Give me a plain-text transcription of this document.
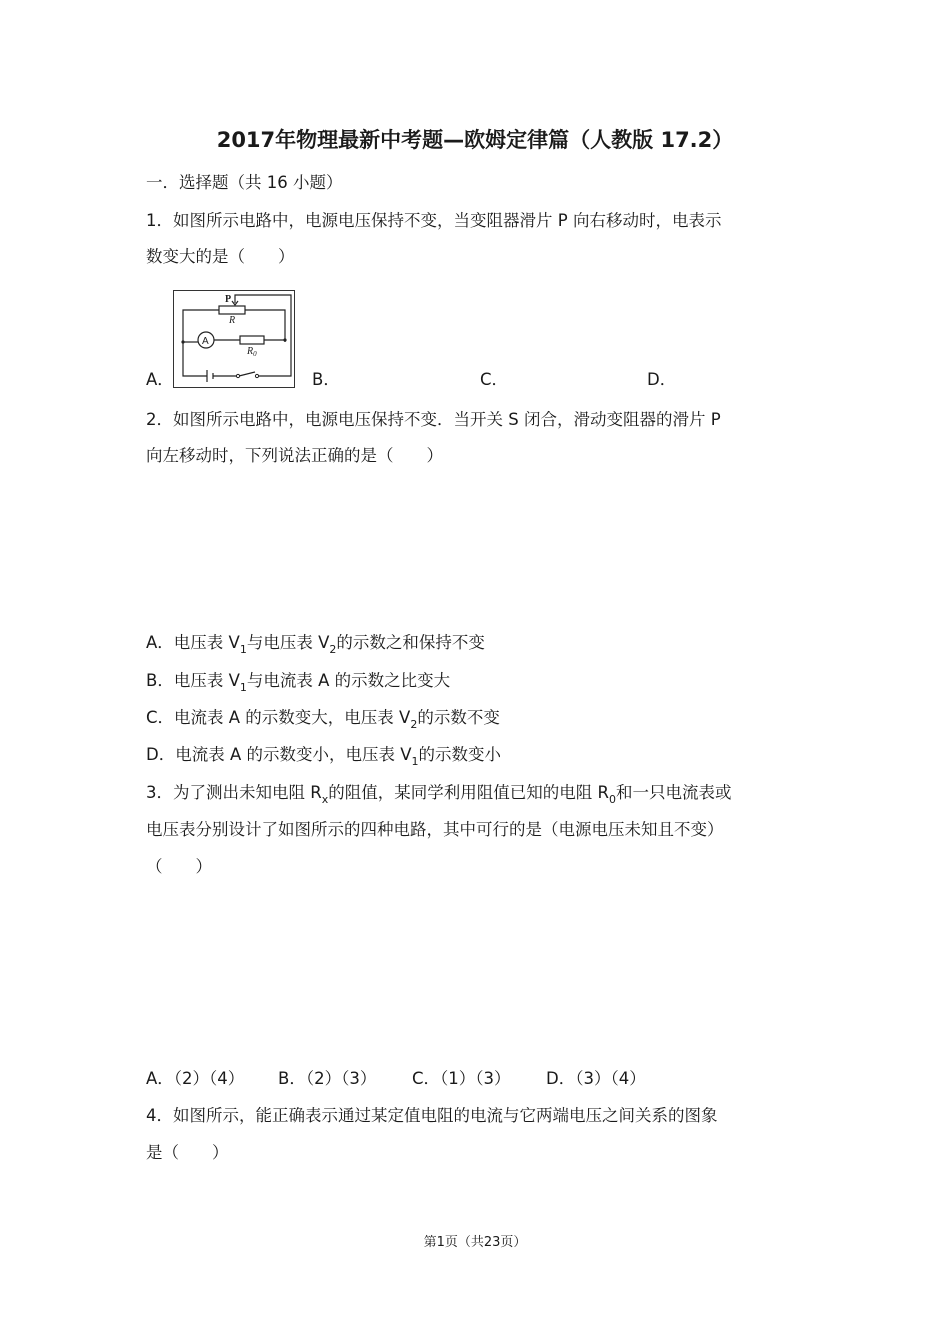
2017年物理最新中考题—欧姆定律篇（人教版 17.2）
一．选择题（共 16 小题）
1．如图所示电路中，电源电压保持不变，当变阻器滑片 P 向右移动时，电表示
数变大的是（　　）
P
R
A
$R_0$
A．	B．	C．	D．
2．如图所示电路中，电源电压保持不变．当开关 S 闭合，滑动变阻器的滑片 P
向左移动时，下列说法正确的是（　　）
A．电压表 $V_1$与电压表 $V_2$的示数之和保持不变
B．电压表 $V_1$与电流表 A 的示数之比变大
C．电流表 A 的示数变大，电压表 $V_2$的示数不变
D．电流表 A 的示数变小，电压表 $V_1$的示数变小
3．为了测出未知电阻 $R_x$的阻值，某同学利用阻值已知的电阻 $R_0$和一只电流表或
电压表分别设计了如图所示的四种电路，其中可行的是（电源电压未知且不变）
（　　）
A．（2）（4） B．（2）（3） C．（1）（3） D．（3）（4）
4．如图所示，能正确表示通过某定值电阻的电流与它两端电压之间关系的图象
是（　　）
第1页（共23页）
